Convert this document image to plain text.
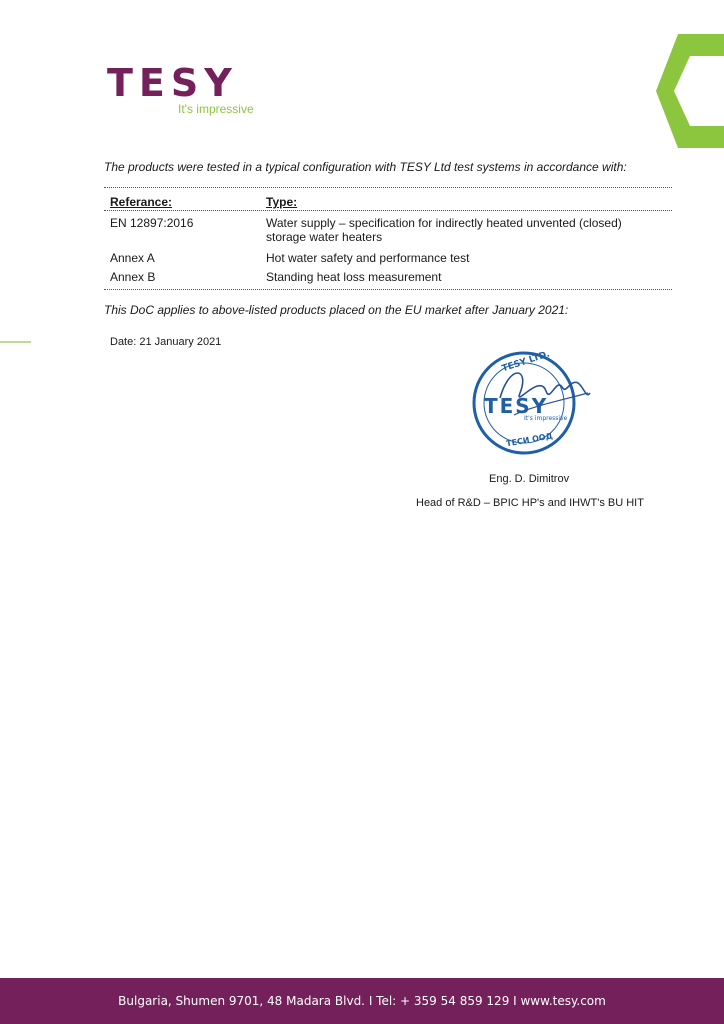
TESY
It's impressive
The products were tested in a typical configuration with TESY Ltd test systems in accordance with:
Referance:	Type:
EN 12897:2016	Water supply – specification for indirectly heated unvented (closed) storage water heaters
Annex A	Hot water safety and performance test
Annex B	Standing heat loss measurement
This DoC applies to above-listed products placed on the EU market after January 2021:
Date: 21 January 2021
TESY LTD.
TESY
It's impressive
ТЕСИ ООД
Eng. D. Dimitrov
Head of R&D – BPIC HP's and IHWT's BU HIT
Bulgaria, Shumen 9701, 48 Madara Blvd. I Tel: + 359 54 859 129 I www.tesy.com
